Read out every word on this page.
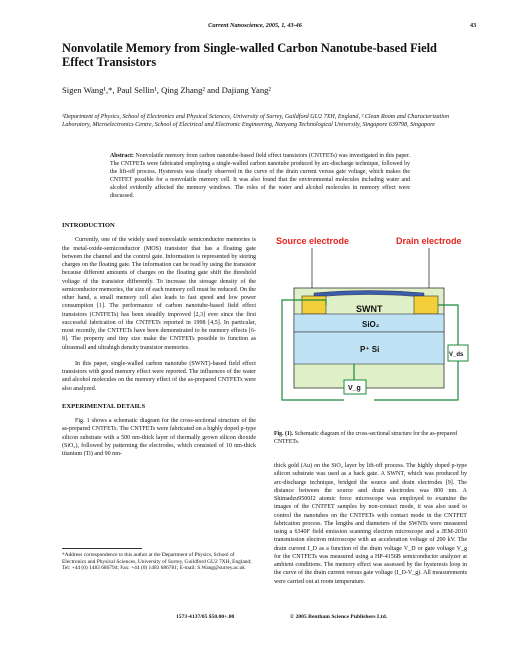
Current Nanoscience, 2005, 1, 43-46	43
Nonvolatile Memory from Single-walled Carbon Nanotube-based Field Effect Transistors
Sigen Wang¹,*, Paul Sellin¹, Qing Zhang² and Dajiang Yang²
¹Department of Physics, School of Electronics and Physical Sciences, University of Surrey, Guildford GU2 7XH, England, ² Clean Room and Characterization Laboratory, Microelectronics Centre, School of Electrical and Electronic Engineering, Nanyang Technological University, Singapore 639798, Singapore
Abstract: Nonvolatile memory from carbon nanotube-based field effect transistors (CNTFETs) was investigated in this paper. The CNTFETs were fabricated employing a single-walled carbon nanotube produced by arc-discharge technique, followed by the lift-off process. Hysteresis was clearly observed in the curve of the drain current versus gate voltage, which makes the CNTFET possible for a nonvolatile memory cell. It was also found that the environmental molecules including water and alcohol evidently affected the memory windows. The roles of the water and alcohol molecules in memory effect were discussed.
INTRODUCTION

Currently, one of the widely used nonvolatile semiconductor memories is the metal-oxide-semiconductor (MOS) transistor that has a floating gate between the channel and the control gate. Information is represented by storing charges on the floating gate. The information can be read by using the transistor because different amounts of charges on the floating gate shift the threshold voltage of the transistor differently. To increase the storage density of the semiconductor memories, the size of each memory cell must be reduced. On the other hand, a small memory cell also leads to fast speed and low power consumption [1]. The performance of carbon nanotube-based field effect transistors (CNTFETs) has been steadily improved [2,3] ever since the first successful fabrication of the CNTFETs reported in 1998 [4,5]. In particular, most recently, the CNTFETs have been demonstrated to be memory effects [6-8]. The property and tiny size make the CNTFETs possible to function as ultrasmall and ultrahigh density transistor memories.

In this paper, single-walled carbon nanotube (SWNT)-based field effect transistors with good memory effect were reported. The influences of the water and alcohol molecules on the memory effect of the as-prepared CNTFETs were also analyzed.

EXPERIMENTAL DETAILS

Fig. 1 shows a schematic diagram for the cross-sectional structure of the as-prepared CNTFETs. The CNTFETs were fabricated on a highly doped p-type silicon substrate with a 500 nm-thick layer of thermally grown silicon dioxide (SiO₂), followed by patterning the electrodes, which consisted of 10 nm-thick titanium (Ti) and 90 nm-

Source electrode	Drain electrode
SWNT
SiO₂
P⁺ Si
V_g
V_ds
Fig. (1). Schematic diagram of the cross-sectional structure for the as-prepared CNTFETs.

thick gold (Au) on the SiO₂ layer by lift-off process. The highly doped p-type silicon substrate was used as a back gate. A SWNT, which was produced by arc-discharge technique, bridged the source and drain electrodes [9]. The distance between the source and drain electrodes was 800 nm. A Shimadzu9500J2 atomic force microscope was employed to examine the images of the CNTFET samples by non-contact mode, it was also used to control the nanotubes on the CNTFETs with contact mode in the CNTFET fabrication process. The lengths and diameters of the SWNTs were measured using a 6340F field emission scanning electron microscope and a JEM-2010 transmission electron microscope with an acceleration voltage of 200 kV. The drain current I_D as a function of the drain voltage V_D or gate voltage V_g for the CNTFETs was measured using a HP-4156B semiconductor analyzer at ambient conditions. The memory effect was assessed by the hysteresis loop in the curve of the drain current versus gate voltage (I_D-V_g). All measurements were carried out at room temperature.

*Address correspondence to this author at the Department of Physics, School of Electronics and Physical Sciences, University of Surrey, Guildford GU2 7XH, England; Tel: +44 (0) 1483 686794; Fax: +44 (0) 1483 686781; E-mail: S.Wang@surrey.ac.uk
1573-4137/05 $50.00+.00	© 2005 Bentham Science Publishers Ltd.
